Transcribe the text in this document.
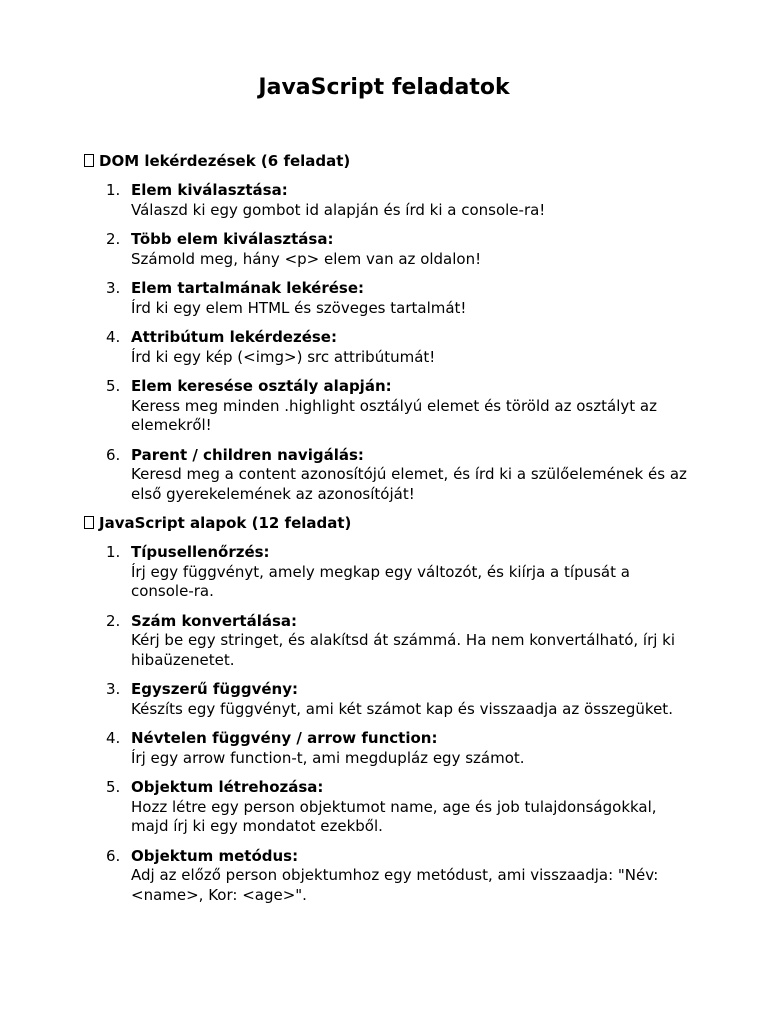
JavaScript feladatok
DOM lekérdezések (6 feladat)
1. Elem kiválasztása:
Válaszd ki egy gombot id alapján és írd ki a console-ra!
2. Több elem kiválasztása:
Számold meg, hány <p> elem van az oldalon!
3. Elem tartalmának lekérése:
Írd ki egy elem HTML és szöveges tartalmát!
4. Attribútum lekérdezése:
Írd ki egy kép (<img>) src attribútumát!
5. Elem keresése osztály alapján:
Keress meg minden .highlight osztályú elemet és töröld az osztályt az elemekről!
6. Parent / children navigálás:
Keresd meg a content azonosítójú elemet, és írd ki a szülőelemének és az első gyerekelemének az azonosítóját!
JavaScript alapok (12 feladat)
1. Típusellenőrzés:
Írj egy függvényt, amely megkap egy változót, és kiírja a típusát a console-ra.
2. Szám konvertálása:
Kérj be egy stringet, és alakítsd át számmá. Ha nem konvertálható, írj ki hibaüzenetet.
3. Egyszerű függvény:
Készíts egy függvényt, ami két számot kap és visszaadja az összegüket.
4. Névtelen függvény / arrow function:
Írj egy arrow function-t, ami megdupláz egy számot.
5. Objektum létrehozása:
Hozz létre egy person objektumot name, age és job tulajdonságokkal, majd írj ki egy mondatot ezekből.
6. Objektum metódus:
Adj az előző person objektumhoz egy metódust, ami visszaadja: "Név: <name>, Kor: <age>".
